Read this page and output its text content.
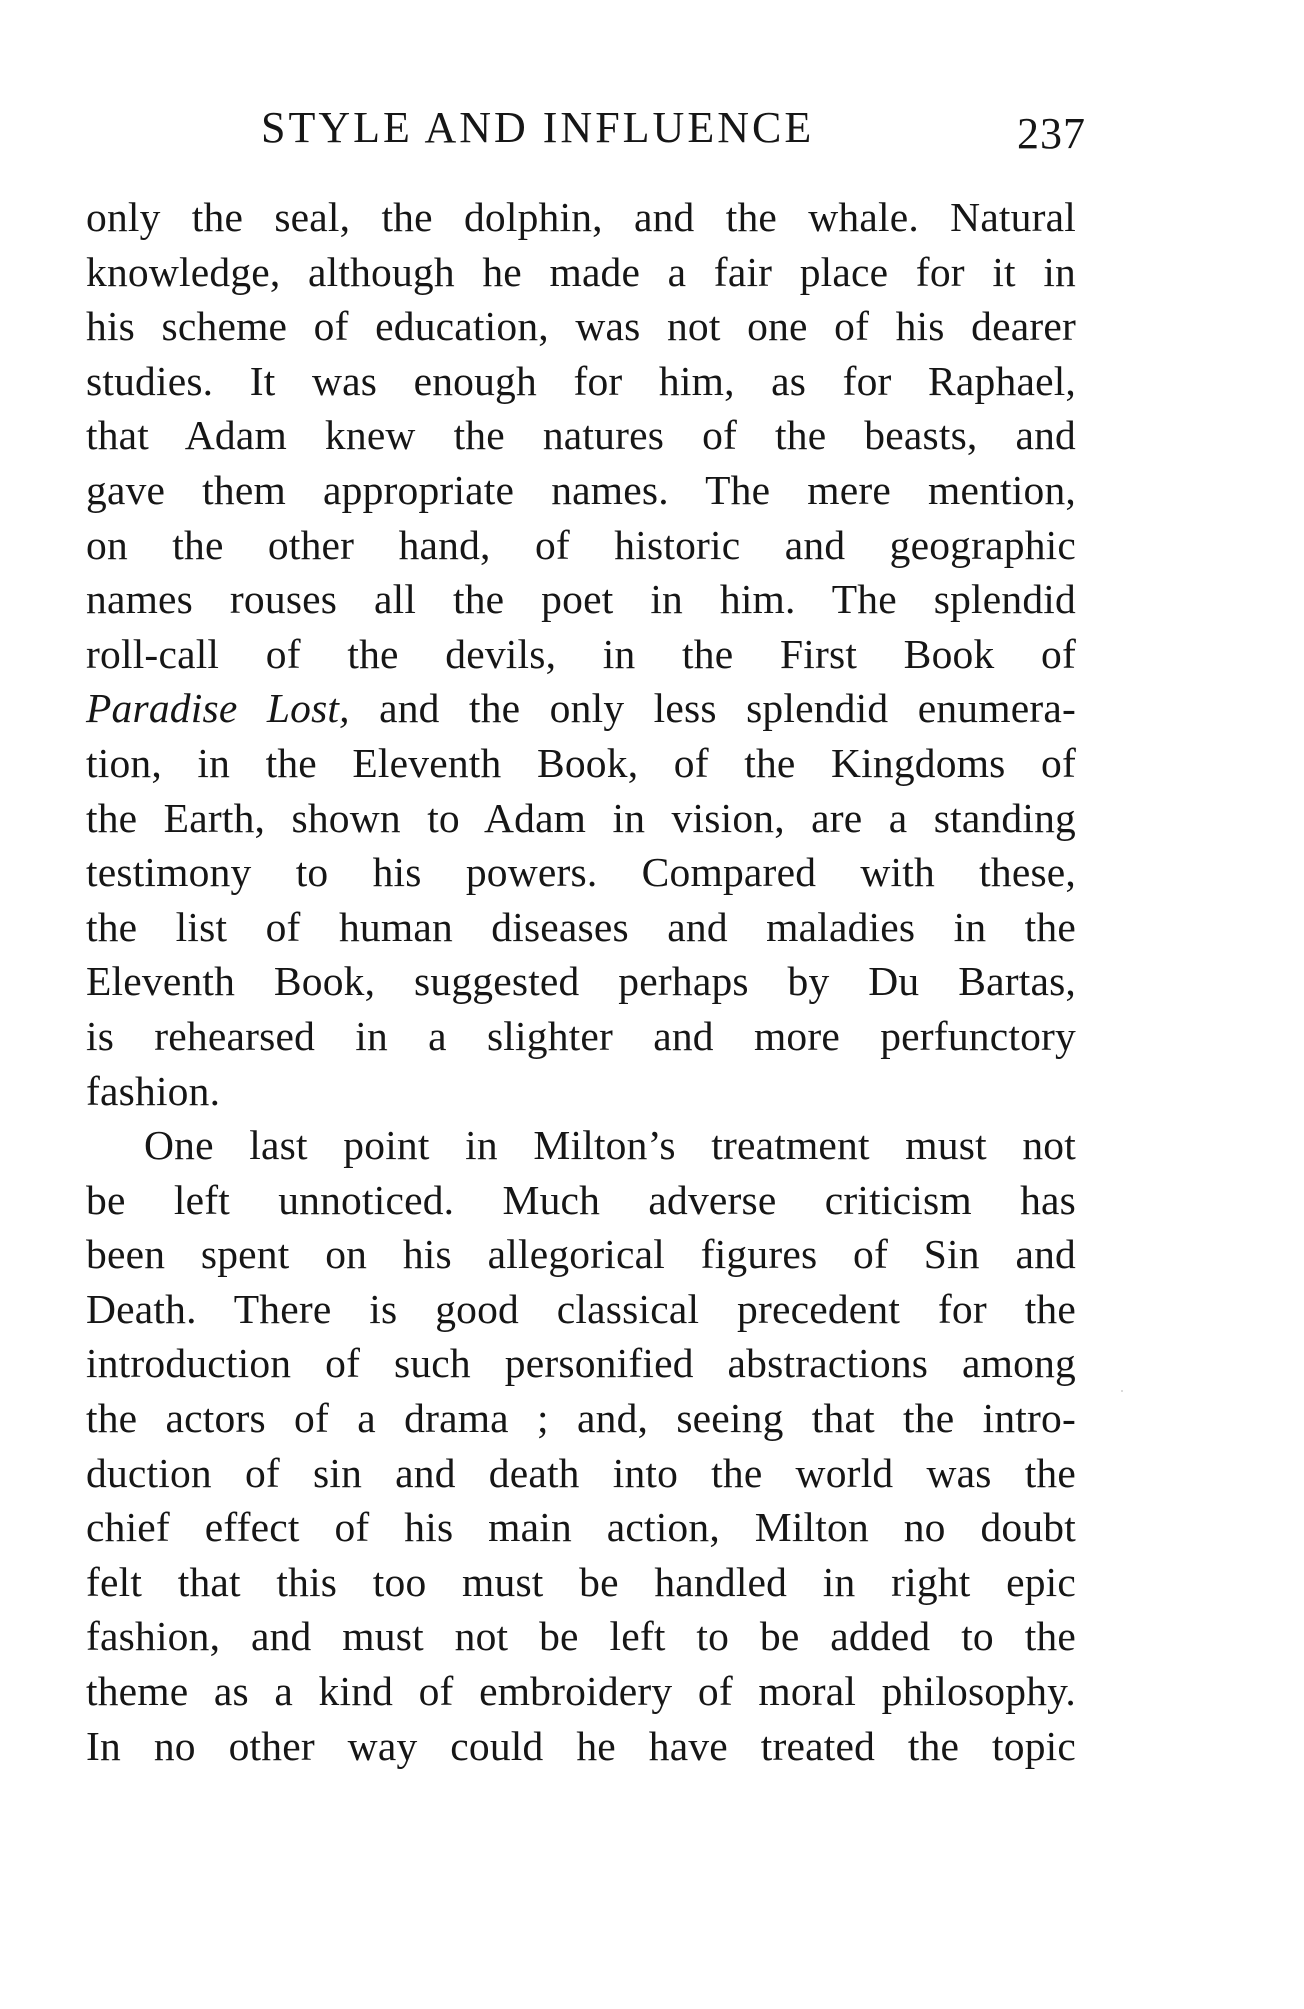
STYLE AND INFLUENCE	237
only the seal, the dolphin, and the whale. Natural
knowledge, although he made a fair place for it in
his scheme of education, was not one of his dearer
studies. It was enough for him, as for Raphael,
that Adam knew the natures of the beasts, and
gave them appropriate names. The mere mention,
on the other hand, of historic and geographic
names rouses all the poet in him. The splendid
roll-call of the devils, in the First Book of
Paradise Lost, and the only less splendid enumera-
tion, in the Eleventh Book, of the Kingdoms of
the Earth, shown to Adam in vision, are a standing
testimony to his powers. Compared with these,
the list of human diseases and maladies in the
Eleventh Book, suggested perhaps by Du Bartas,
is rehearsed in a slighter and more perfunctory
fashion.
One last point in Milton’s treatment must not
be left unnoticed. Much adverse criticism has
been spent on his allegorical figures of Sin and
Death. There is good classical precedent for the
introduction of such personified abstractions among
the actors of a drama ; and, seeing that the intro-
duction of sin and death into the world was the
chief effect of his main action, Milton no doubt
felt that this too must be handled in right epic
fashion, and must not be left to be added to the
theme as a kind of embroidery of moral philosophy.
In no other way could he have treated the topic
